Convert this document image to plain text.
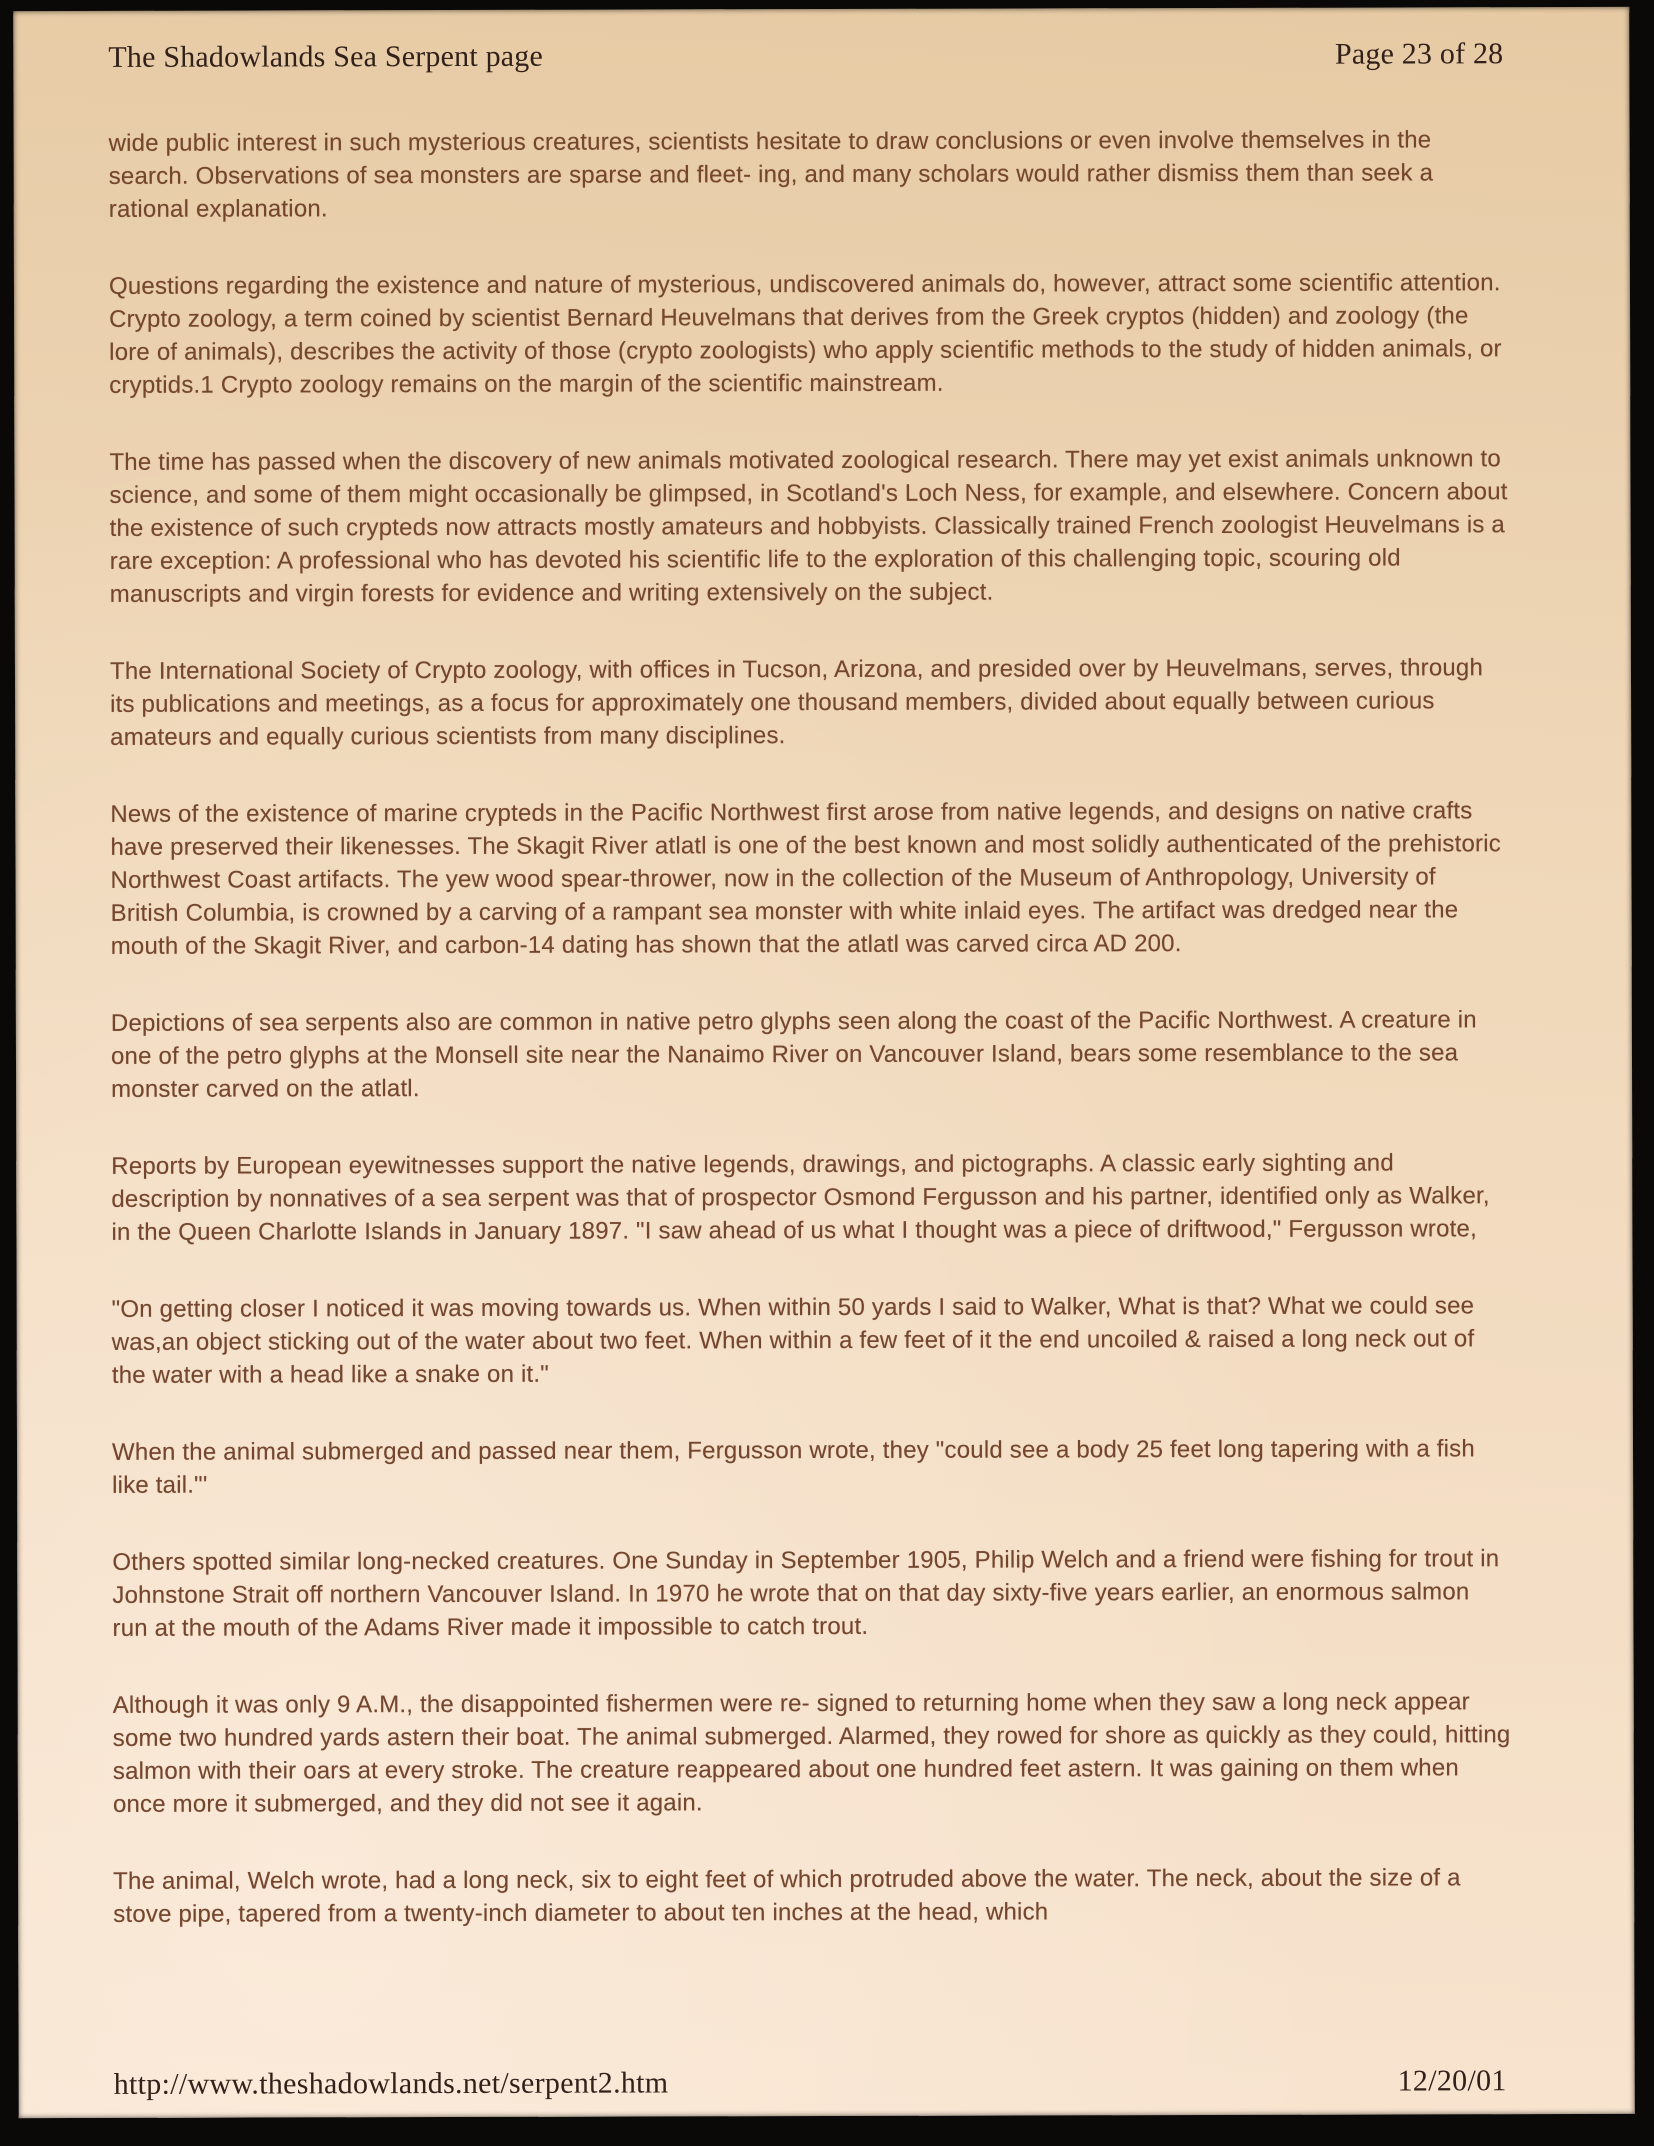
The Shadowlands Sea Serpent page	Page 23 of 28

wide public interest in such mysterious creatures, scientists hesitate to draw conclusions or even involve themselves in the search. Observations of sea monsters are sparse and fleet- ing, and many scholars would rather dismiss them than seek a rational explanation.

Questions regarding the existence and nature of mysterious, undiscovered animals do, however, attract some scientific attention. Crypto zoology, a term coined by scientist Bernard Heuvelmans that derives from the Greek cryptos (hidden) and zoology (the lore of animals), describes the activity of those (crypto zoologists) who apply scientific methods to the study of hidden animals, or cryptids.1 Crypto zoology remains on the margin of the scientific mainstream.

The time has passed when the discovery of new animals motivated zoological research. There may yet exist animals unknown to science, and some of them might occasionally be glimpsed, in Scotland's Loch Ness, for example, and elsewhere. Concern about the existence of such crypteds now attracts mostly amateurs and hobbyists. Classically trained French zoologist Heuvelmans is a rare exception: A professional who has devoted his scientific life to the exploration of this challenging topic, scouring old manuscripts and virgin forests for evidence and writing extensively on the subject.

The International Society of Crypto zoology, with offices in Tucson, Arizona, and presided over by Heuvelmans, serves, through its publications and meetings, as a focus for approximately one thousand members, divided about equally between curious amateurs and equally curious scientists from many disciplines.

News of the existence of marine crypteds in the Pacific Northwest first arose from native legends, and designs on native crafts have preserved their likenesses. The Skagit River atlatl is one of the best known and most solidly authenticated of the prehistoric Northwest Coast artifacts. The yew wood spear-thrower, now in the collection of the Museum of Anthropology, University of British Columbia, is crowned by a carving of a rampant sea monster with white inlaid eyes. The artifact was dredged near the mouth of the Skagit River, and carbon-14 dating has shown that the atlatl was carved circa AD 200.

Depictions of sea serpents also are common in native petro glyphs seen along the coast of the Pacific Northwest. A creature in one of the petro glyphs at the Monsell site near the Nanaimo River on Vancouver Island, bears some resemblance to the sea monster carved on the atlatl.

Reports by European eyewitnesses support the native legends, drawings, and pictographs. A classic early sighting and description by nonnatives of a sea serpent was that of prospector Osmond Fergusson and his partner, identified only as Walker, in the Queen Charlotte Islands in January 1897. "I saw ahead of us what I thought was a piece of driftwood," Fergusson wrote,

"On getting closer I noticed it was moving towards us. When within 50 yards I said to Walker, What is that? What we could see was,an object sticking out of the water about two feet. When within a few feet of it the end uncoiled & raised a long neck out of the water with a head like a snake on it."

When the animal submerged and passed near them, Fergusson wrote, they "could see a body 25 feet long tapering with a fish like tail."'

Others spotted similar long-necked creatures. One Sunday in September 1905, Philip Welch and a friend were fishing for trout in Johnstone Strait off northern Vancouver Island. In 1970 he wrote that on that day sixty-five years earlier, an enormous salmon run at the mouth of the Adams River made it impossible to catch trout.

Although it was only 9 A.M., the disappointed fishermen were re- signed to returning home when they saw a long neck appear some two hundred yards astern their boat. The animal submerged. Alarmed, they rowed for shore as quickly as they could, hitting salmon with their oars at every stroke. The creature reappeared about one hundred feet astern. It was gaining on them when once more it submerged, and they did not see it again.

The animal, Welch wrote, had a long neck, six to eight feet of which protruded above the water. The neck, about the size of a stove pipe, tapered from a twenty-inch diameter to about ten inches at the head, which

http://www.theshadowlands.net/serpent2.htm	12/20/01
